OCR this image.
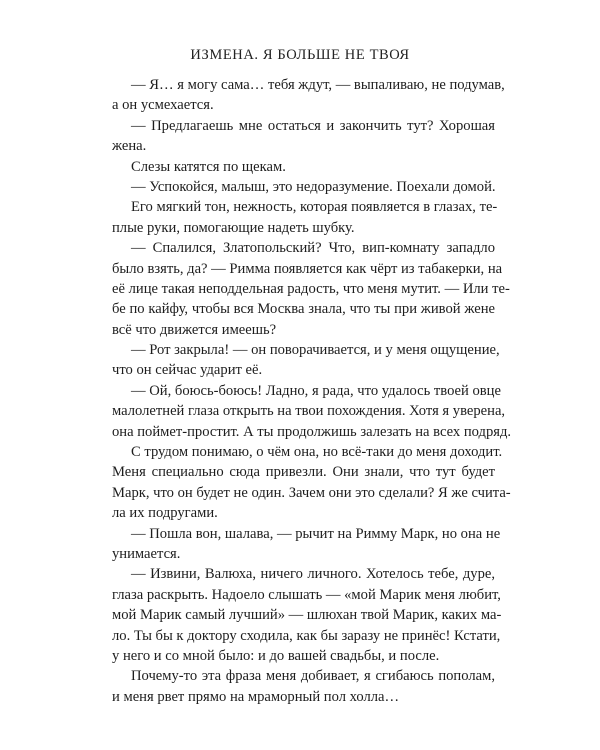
ИЗМЕНА. Я БОЛЬШЕ НЕ ТВОЯ
— Я… я могу сама… тебя ждут, — выпаливаю, не подумав,
а он усмехается.
— Предлагаешь мне остаться и закончить тут? Хорошая
жена.
Слезы катятся по щекам.
— Успокойся, малыш, это недоразумение. Поехали домой.
Его мягкий тон, нежность, которая появляется в глазах, те-
плые руки, помогающие надеть шубку.
— Спалился, Златопольский? Что, вип-комнату западло
было взять, да? — Римма появляется как чёрт из табакерки, на
её лице такая неподдельная радость, что меня мутит. — Или те-
бе по кайфу, чтобы вся Москва знала, что ты при живой жене
всё что движется имеешь?
— Рот закрыла! — он поворачивается, и у меня ощущение,
что он сейчас ударит её.
— Ой, боюсь-боюсь! Ладно, я рада, что удалось твоей овце
малолетней глаза открыть на твои похождения. Хотя я уверена,
она поймет-простит. А ты продолжишь залезать на всех подряд.
С трудом понимаю, о чём она, но всё-таки до меня доходит.
Меня специально сюда привезли. Они знали, что тут будет
Марк, что он будет не один. Зачем они это сделали? Я же счита-
ла их подругами.
— Пошла вон, шалава, — рычит на Римму Марк, но она не
унимается.
— Извини, Валюха, ничего личного. Хотелось тебе, дуре,
глаза раскрыть. Надоело слышать — «мой Марик меня любит,
мой Марик самый лучший» — шлюхан твой Марик, каких ма-
ло. Ты бы к доктору сходила, как бы заразу не принёс! Кстати,
у него и со мной было: и до вашей свадьбы, и после.
Почему-то эта фраза меня добивает, я сгибаюсь пополам,
и меня рвет прямо на мраморный пол холла…
